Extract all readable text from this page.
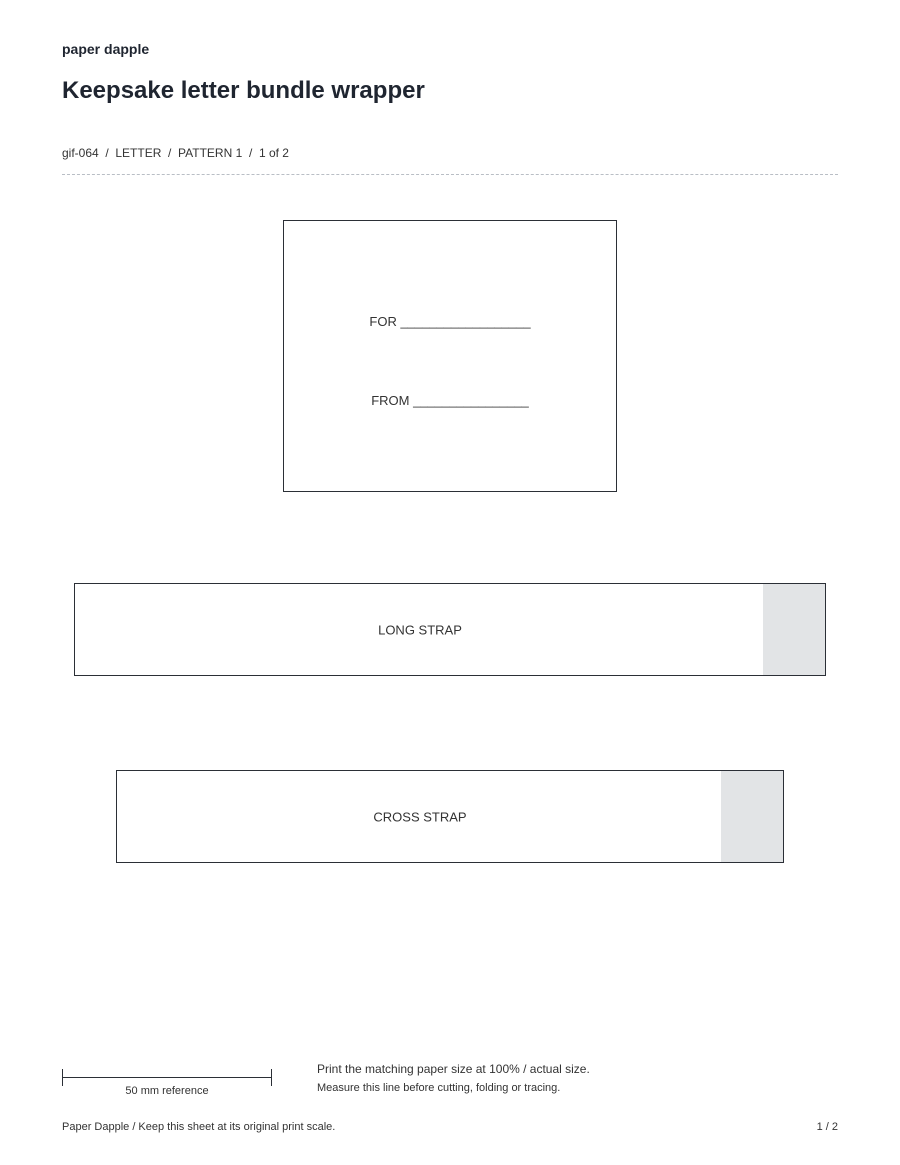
paper dapple
Keepsake letter bundle wrapper
gif-064  /  LETTER  /  PATTERN 1  /  1 of 2
FOR __________________
FROM ________________
LONG STRAP
CROSS STRAP
50 mm reference
Print the matching paper size at 100% / actual size.
Measure this line before cutting, folding or tracing.
Paper Dapple / Keep this sheet at its original print scale.	1 / 2
